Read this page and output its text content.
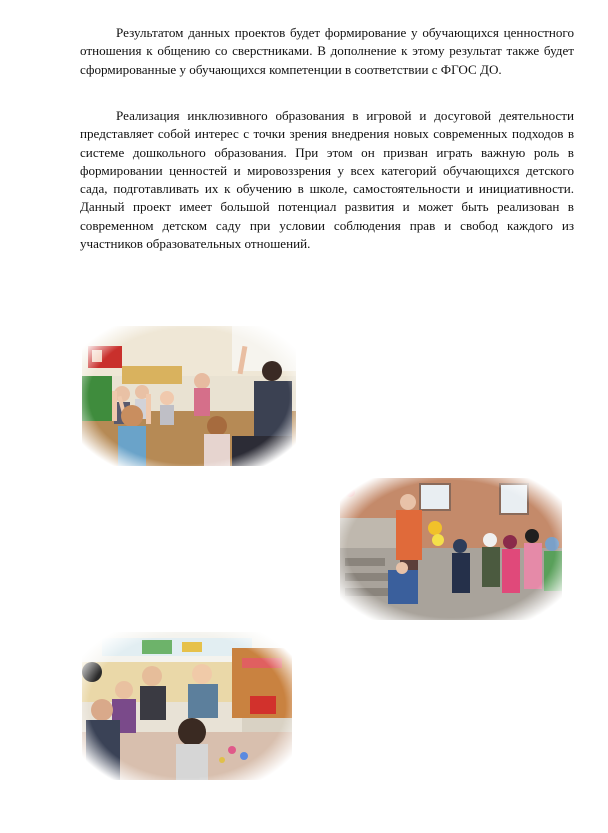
Результатом данных проектов будет формирование у обучающихся ценностного отношения к общению со сверстниками. В дополнение к этому результат также будет сформированные у обучающихся компетенции в соответствии с ФГОС ДО.

Реализация инклюзивного образования в игровой и досуговой деятельности представляет собой интерес с точки зрения внедрения новых современных подходов в системе дошкольного образования. При этом он призван играть важную роль в формировании ценностей и мировоззрения у всех категорий обучающихся детского сада, подготавливать их к обучению в школе, самостоятельности и инициативности. Данный проект имеет большой потенциал развития и может быть реализован в современном детском саду при условии соблюдения прав и свобод каждого из участников образовательных отношений.
